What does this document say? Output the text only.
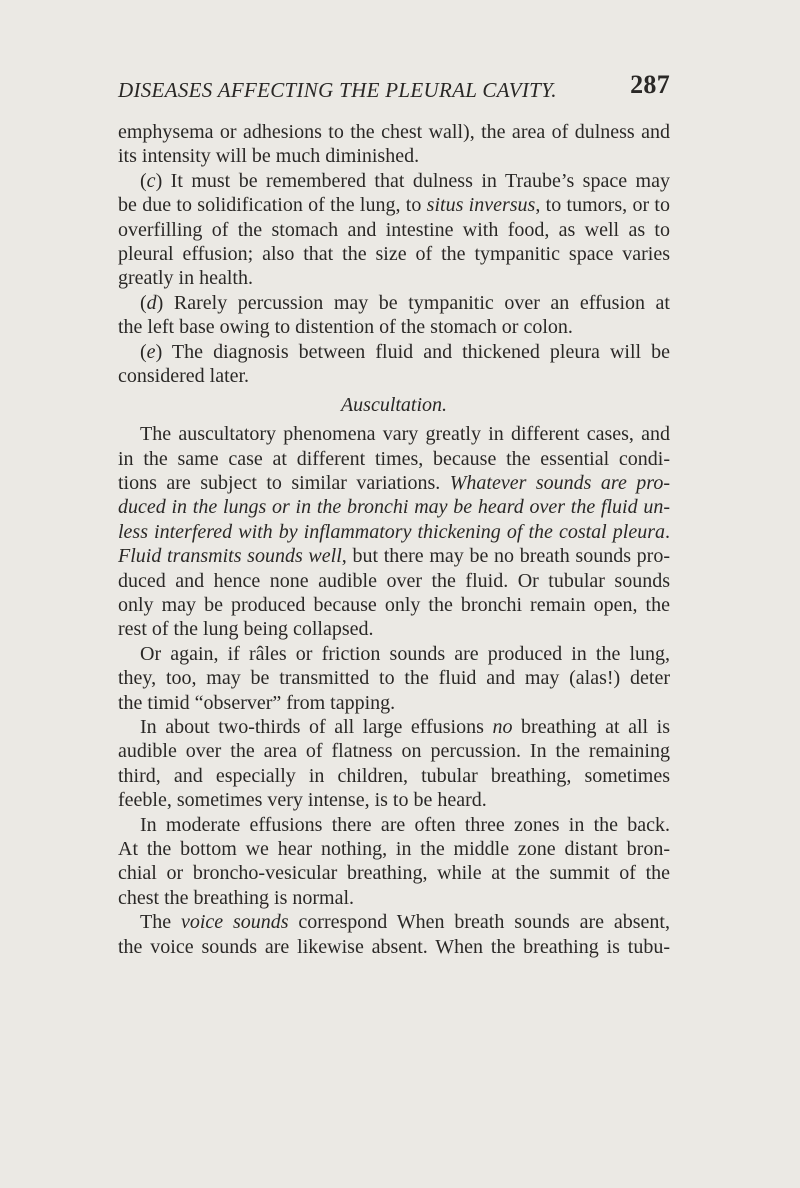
DISEASES AFFECTING THE PLEURAL CAVITY.	287
emphysema or adhesions to the chest wall), the area of dulness and
its intensity will be much diminished.
(c) It must be remembered that dulness in Traube’s space may
be due to solidification of the lung, to situs inversus, to tumors, or to
overfilling of the stomach and intestine with food, as well as to
pleural effusion; also that the size of the tympanitic space varies
greatly in health.
(d) Rarely percussion may be tympanitic over an effusion at
the left base owing to distention of the stomach or colon.
(e) The diagnosis between fluid and thickened pleura will be
considered later.
Auscultation.
The auscultatory phenomena vary greatly in different cases, and
in the same case at different times, because the essential condi-
tions are subject to similar variations. Whatever sounds are pro-
duced in the lungs or in the bronchi may be heard over the fluid un-
less interfered with by inflammatory thickening of the costal pleura.
Fluid transmits sounds well, but there may be no breath sounds pro-
duced and hence none audible over the fluid. Or tubular sounds
only may be produced because only the bronchi remain open, the
rest of the lung being collapsed.
Or again, if râles or friction sounds are produced in the lung,
they, too, may be transmitted to the fluid and may (alas!) deter
the timid “observer” from tapping.
In about two-thirds of all large effusions no breathing at all is
audible over the area of flatness on percussion. In the remaining
third, and especially in children, tubular breathing, sometimes
feeble, sometimes very intense, is to be heard.
In moderate effusions there are often three zones in the back.
At the bottom we hear nothing, in the middle zone distant bron-
chial or broncho-vesicular breathing, while at the summit of the
chest the breathing is normal.
The voice sounds correspond When breath sounds are absent,
the voice sounds are likewise absent. When the breathing is tubu-
